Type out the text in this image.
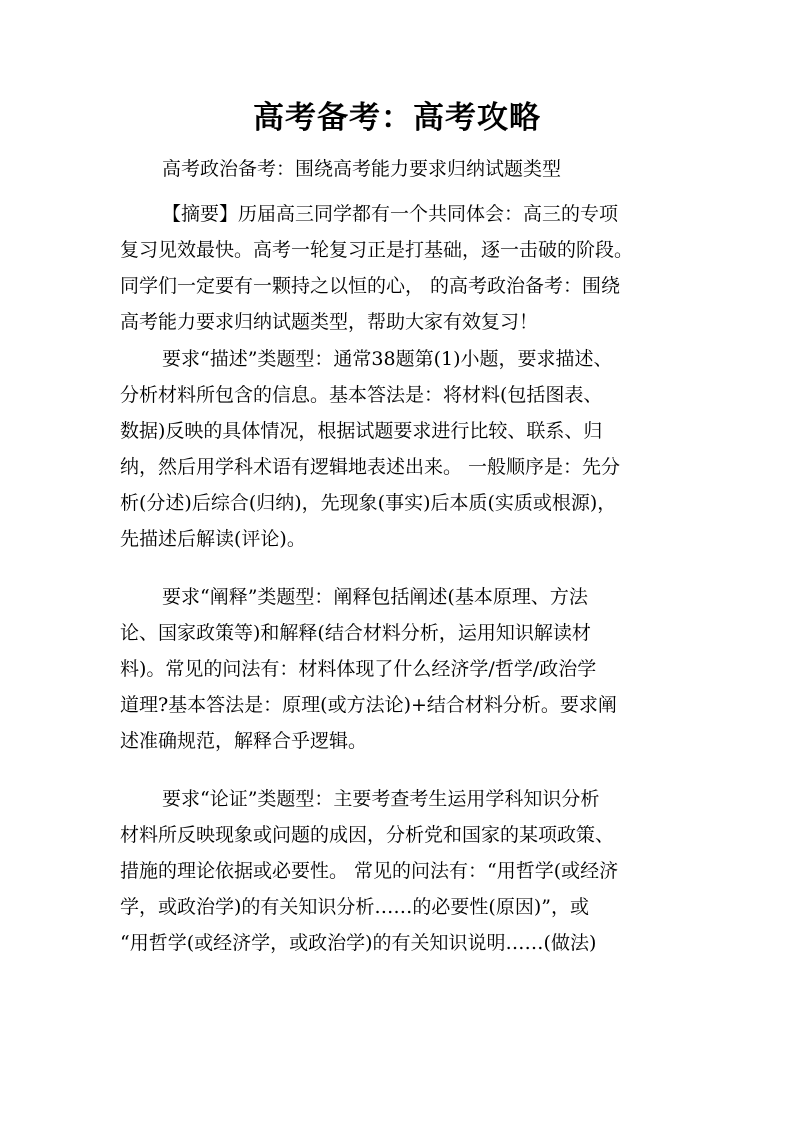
高考备考：高考攻略
高考政治备考：围绕高考能力要求归纳试题类型
【摘要】历届高三同学都有一个共同体会：高三的专项
复习见效最快。高考一轮复习正是打基础，逐一击破的阶段。
同学们一定要有一颗持之以恒的心， 的高考政治备考：围绕
高考能力要求归纳试题类型，帮助大家有效复习！
要求“描述”类题型：通常38题第(1)小题，要求描述、
分析材料所包含的信息。基本答法是：将材料(包括图表、
数据)反映的具体情况，根据试题要求进行比较、联系、归
纳，然后用学科术语有逻辑地表述出来。 一般顺序是：先分
析(分述)后综合(归纳)，先现象(事实)后本质(实质或根源)，
先描述后解读(评论)。
要求“阐释”类题型：阐释包括阐述(基本原理、方法
论、国家政策等)和解释(结合材料分析，运用知识解读材
料)。常见的问法有：材料体现了什么经济学/哲学/政治学
道理?基本答法是：原理(或方法论)+结合材料分析。要求阐
述准确规范，解释合乎逻辑。
要求“论证”类题型：主要考查考生运用学科知识分析
材料所反映现象或问题的成因，分析党和国家的某项政策、
措施的理论依据或必要性。 常见的问法有：“用哲学(或经济
学，或政治学)的有关知识分析……的必要性(原因)”，或
“用哲学(或经济学，或政治学)的有关知识说明……(做法)
